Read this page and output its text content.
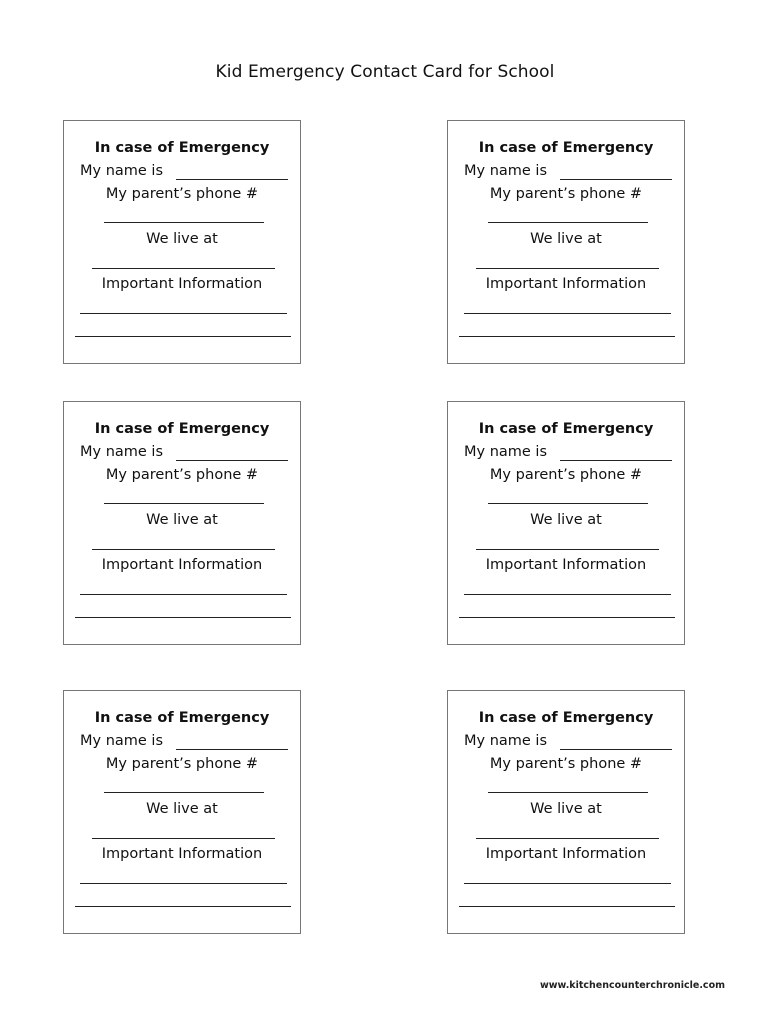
Kid Emergency Contact Card for School
In case of Emergency
My name is
My parent’s phone #
We live at
Important Information
In case of Emergency
My name is
My parent’s phone #
We live at
Important Information
In case of Emergency
My name is
My parent’s phone #
We live at
Important Information
In case of Emergency
My name is
My parent’s phone #
We live at
Important Information
In case of Emergency
My name is
My parent’s phone #
We live at
Important Information
In case of Emergency
My name is
My parent’s phone #
We live at
Important Information
www.kitchencounterchronicle.com
